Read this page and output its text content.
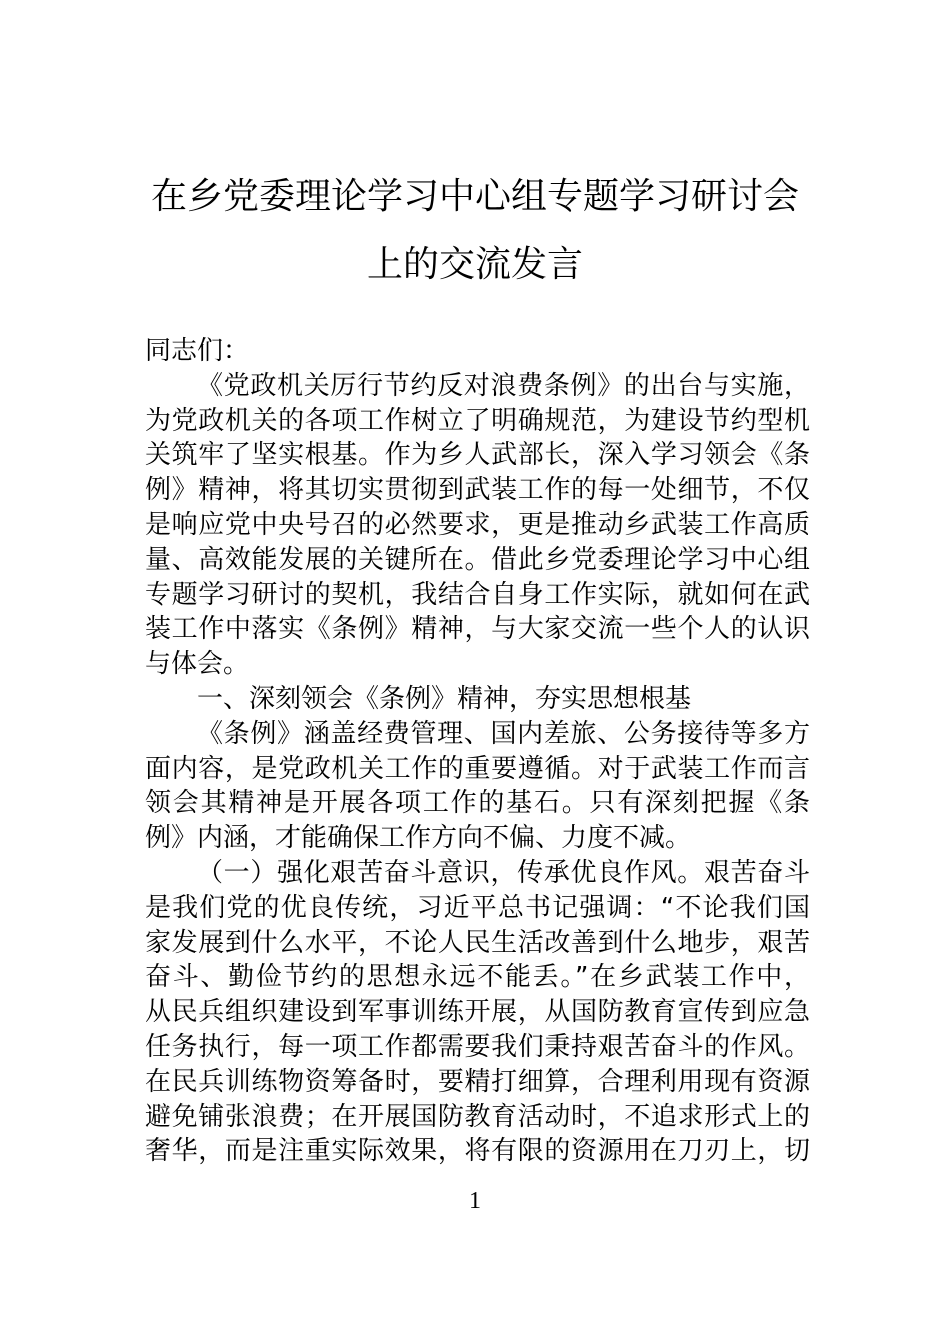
在乡党委理论学习中心组专题学习研讨会
上的交流发言
同志们：
《党政机关厉行节约反对浪费条例》的出台与实施，
为党政机关的各项工作树立了明确规范，为建设节约型机
关筑牢了坚实根基。作为乡人武部长，深入学习领会《条
例》精神，将其切实贯彻到武装工作的每一处细节，不仅
是响应党中央号召的必然要求，更是推动乡武装工作高质
量、高效能发展的关键所在。借此乡党委理论学习中心组
专题学习研讨的契机，我结合自身工作实际，就如何在武
装工作中落实《条例》精神，与大家交流一些个人的认识
与体会。
一、深刻领会《条例》精神，夯实思想根基
《条例》涵盖经费管理、国内差旅、公务接待等多方
面内容，是党政机关工作的重要遵循。对于武装工作而言
领会其精神是开展各项工作的基石。只有深刻把握《条
例》内涵，才能确保工作方向不偏、力度不减。
（一）强化艰苦奋斗意识，传承优良作风。艰苦奋斗
是我们党的优良传统，习近平总书记强调：“不论我们国
家发展到什么水平，不论人民生活改善到什么地步，艰苦
奋斗、勤俭节约的思想永远不能丢。”在乡武装工作中，
从民兵组织建设到军事训练开展，从国防教育宣传到应急
任务执行，每一项工作都需要我们秉持艰苦奋斗的作风。
在民兵训练物资筹备时，要精打细算，合理利用现有资源
避免铺张浪费；在开展国防教育活动时，不追求形式上的
奢华，而是注重实际效果，将有限的资源用在刀刃上，切
1
